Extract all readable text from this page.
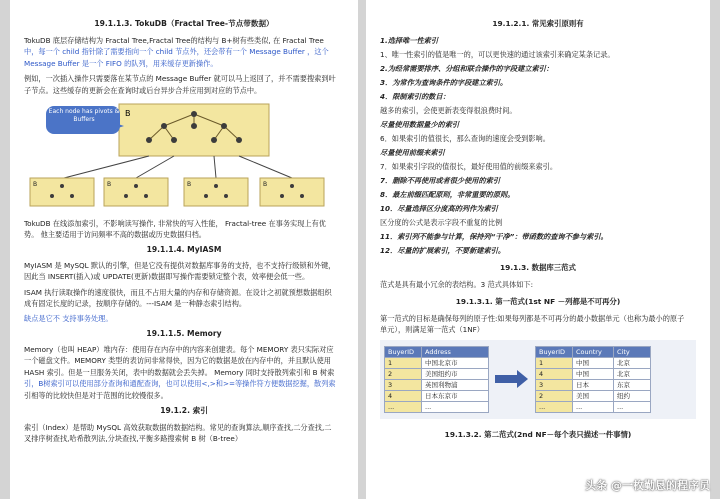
19.1.1.3. TokuDB（Fractal Tree-节点带数据）

TokuDB 底层存储结构为 Fractal Tree,Fractal Tree的结构与 B+树有些类似, 在 Fractal Tree
中，每一个 child 指针除了需要指向一个 child 节点外，还会带有一个 Message Buffer ，这个
Message Buffer 是一个 FIFO 的队列，用来缓存更新操作。

例如，一次插入操作只需要落在某节点的 Message Buffer 就可以马上返回了，并不需要搜索到叶
子节点。这些缓存的更新会在查询时或后台异步合并应用到对应的节点中。

B
Each node has pivots & Buffers
B	B	B	B

TokuDB 在线添加索引，不影响读写操作, 非常快的写入性能， Fractal-tree 在事务实现上有优
势。 他主要适用于访问频率不高的数据或历史数据归档。

19.1.1.4. MyIASM

MyIASM 是 MySQL 默认的引擎，但是它没有提供对数据库事务的支持，也不支持行级锁和外键，
因此当 INSERT(插入)或 UPDATE(更新)数据即写操作需要锁定整个表，效率便会低一些。

ISAM 执行读取操作的速度很快，而且不占用大量的内存和存储资源。在设计之初就预想数据组织
成有固定长度的记录，按顺序存储的。---ISAM 是一种静态索引结构。

缺点是它不 支持事务处理。

19.1.1.5. Memory

Memory（也叫 HEAP）堆内存：使用存在内存中的内容来创建表。每个 MEMORY 表只实际对应
一个磁盘文件。MEMORY 类型的表访问非常得快，因为它的数据是放在内存中的，并且默认使用
HASH 索引。但是一旦服务关闭，表中的数据就会丢失掉。 Memory 同时支持散列索引和 B 树索
引，B树索引可以使用部分查询和通配查询，也可以使用<,>和>=等操作符方便数据挖掘，散列索
引相等的比较快但是对于范围的比较慢很多。

19.1.2. 索引

索引（Index）是帮助 MySQL 高效获取数据的数据结构。常见的查询算法,顺序查找,二分查找,二
叉排序树查找,哈希散列法,分块查找,平衡多路搜索树 B 树（B-tree）

19.1.2.1. 常见索引原则有

1.选择唯一性索引

1、唯一性索引的值是唯一的，可以更快速的通过该索引来确定某条记录。

2.为经常需要排序、分组和联合操作的字段建立索引：

3．为常作为查询条件的字段建立索引。

4．限制索引的数目：

越多的索引，会使更新表变得很浪费时间。

尽量使用数据量少的索引

6．如果索引的值很长，那么查询的速度会受到影响。

尽量使用前缀来索引

7．如果索引字段的值很长，最好使用值的前缀来索引。

7．删除不再使用或者很少使用的索引

8．最左前缀匹配原则，非常重要的原则。

10．尽量选择区分度高的列作为索引

区分度的公式是表示字段不重复的比例

11．索引列不能参与计算，保持列“干净”：带函数的查询不参与索引。

12．尽量的扩展索引，不要新建索引。

19.1.3. 数据库三范式

范式是具有最小冗余的表结构。3 范式具体如下:

19.1.3.1. 第一范式(1st NF －列都是不可再分)

第一范式的目标是确保每列的原子性:如果每列都是不可再分的最小数据单元（也称为最小的原子
单元），则满足第一范式（1NF）

BuyerID	Address
1	中国北京市
2	美国纽约市
3	英国利物浦
4	日本东京市
...	...
BuyerID	Country	City
1	中国	北京
4	中国	北京
3	日本	东京
2	美国	纽约
...	...	...
19.1.3.2. 第二范式(2nd NF－每个表只描述一件事情)
头条 @一枚勤恳的程序员
